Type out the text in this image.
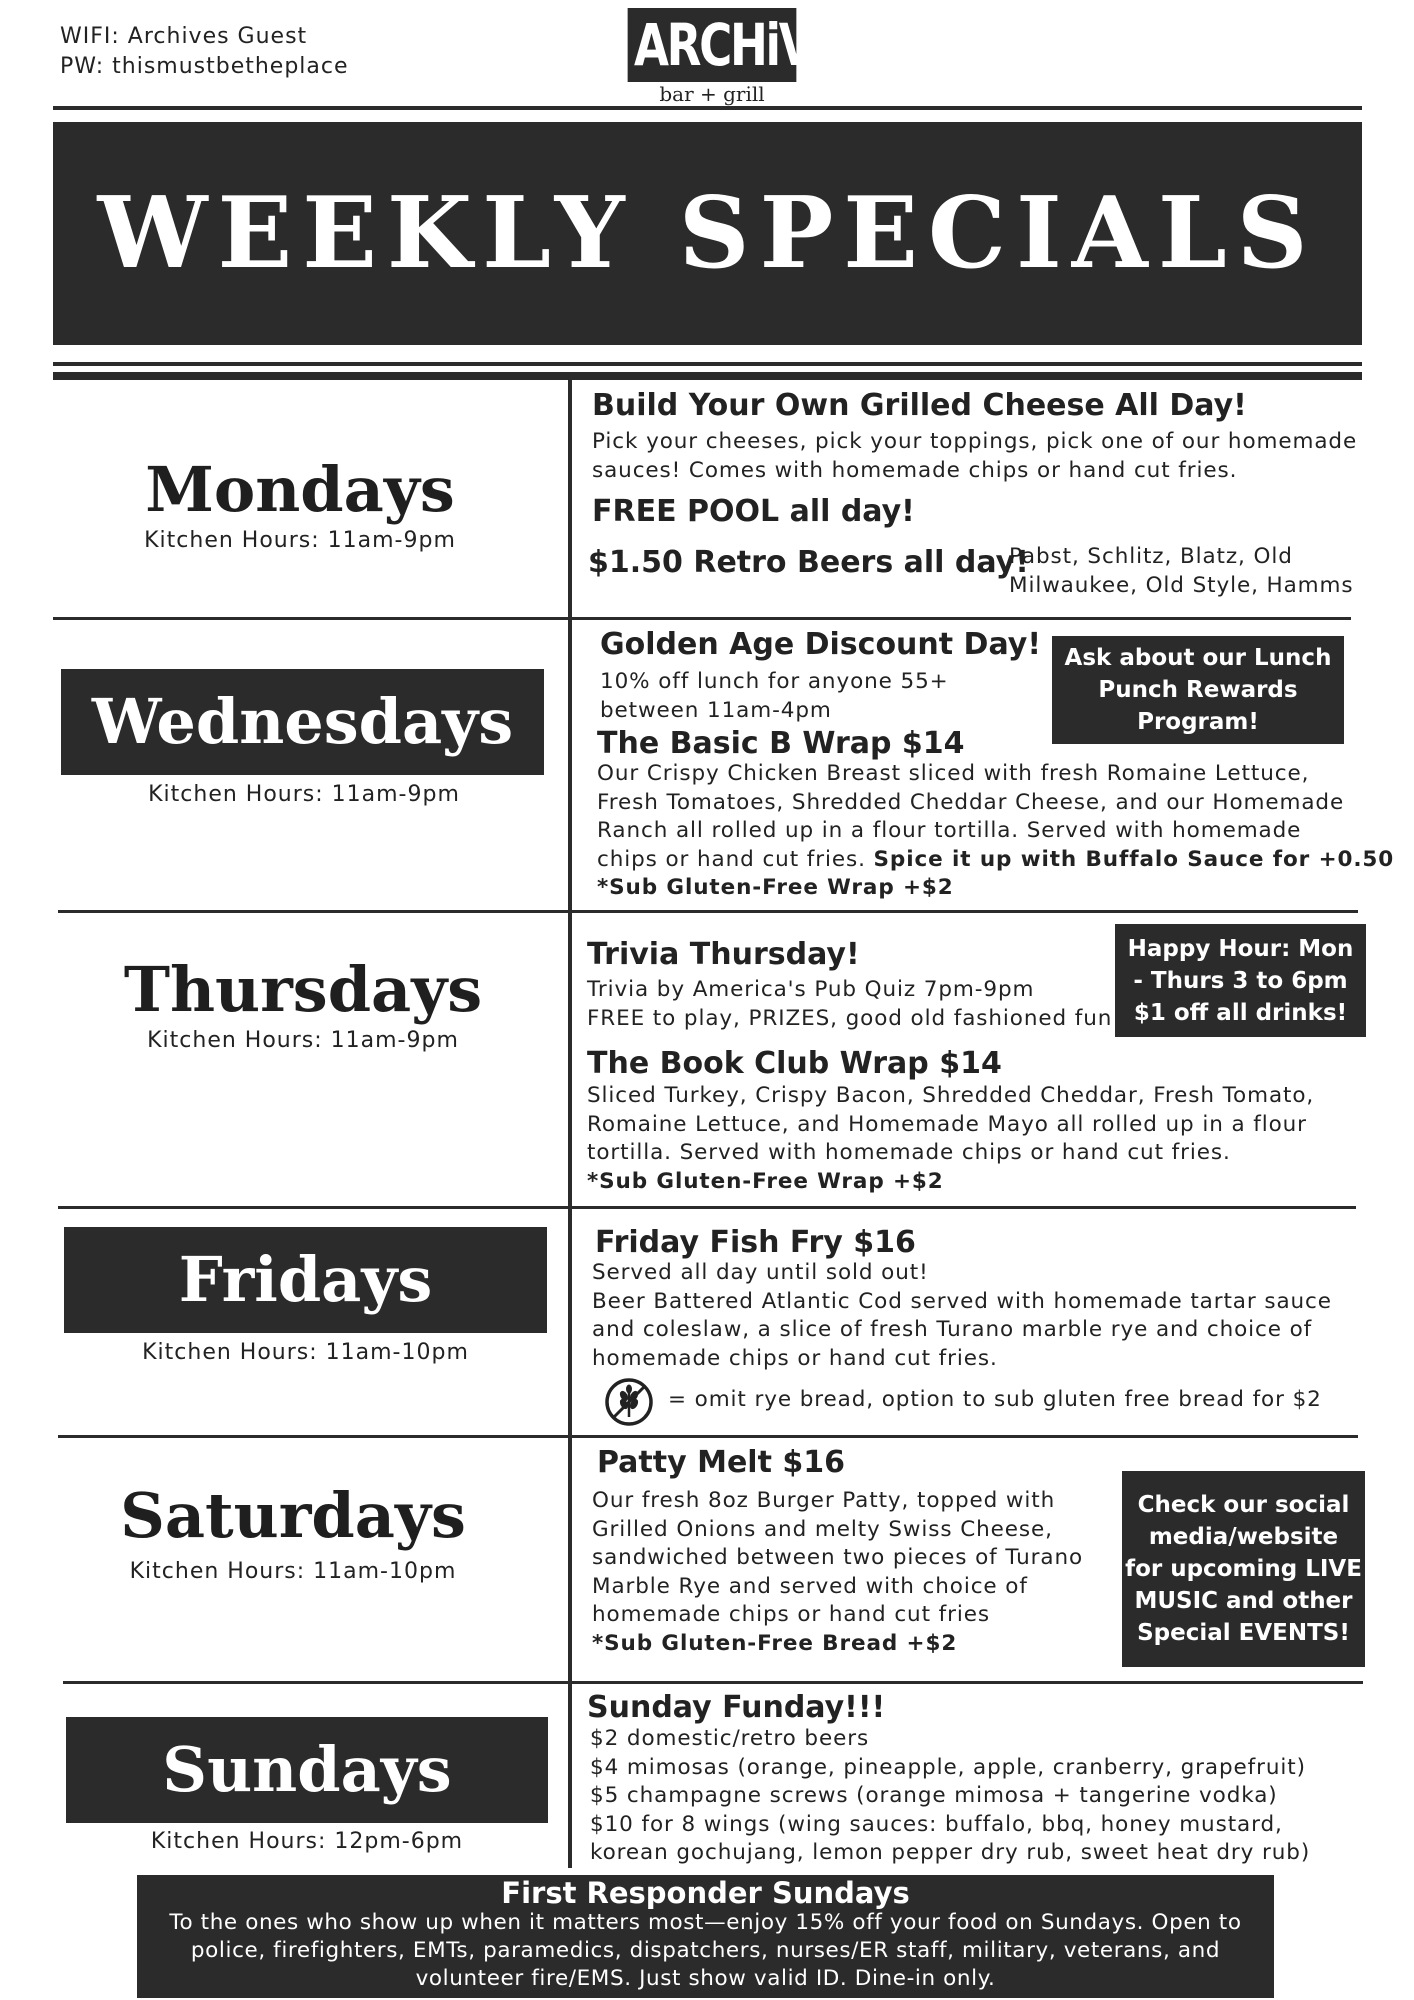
WIFI: Archives Guest
PW: thismustbetheplace	ARCHiVES
bar + grill
WEEKLY SPECIALS
Mondays
Kitchen Hours: 11am-9pm
Build Your Own Grilled Cheese All Day!
Pick your cheeses, pick your toppings, pick one of our homemade
sauces! Comes with homemade chips or hand cut fries.
FREE POOL all day!
$1.50 Retro Beers all day!
Pabst, Schlitz, Blatz, Old
Milwaukee, Old Style, Hamms
Wednesdays
Kitchen Hours: 11am-9pm
Golden Age Discount Day!
10% off lunch for anyone 55+
between 11am-4pm
Ask about our Lunch
Punch Rewards
Program!
The Basic B Wrap $14
Our Crispy Chicken Breast sliced with fresh Romaine Lettuce,
Fresh Tomatoes, Shredded Cheddar Cheese, and our Homemade
Ranch all rolled up in a flour tortilla. Served with homemade
chips or hand cut fries. Spice it up with Buffalo Sauce for +0.50
*Sub Gluten-Free Wrap +$2
Thursdays
Kitchen Hours: 11am-9pm
Trivia Thursday!
Trivia by America's Pub Quiz 7pm-9pm
FREE to play, PRIZES, good old fashioned fun
Happy Hour: Mon
- Thurs 3 to 6pm
$1 off all drinks!
The Book Club Wrap $14
Sliced Turkey, Crispy Bacon, Shredded Cheddar, Fresh Tomato,
Romaine Lettuce, and Homemade Mayo all rolled up in a flour
tortilla. Served with homemade chips or hand cut fries.
*Sub Gluten-Free Wrap +$2
Fridays
Kitchen Hours: 11am-10pm
Friday Fish Fry $16
Served all day until sold out!
Beer Battered Atlantic Cod served with homemade tartar sauce
and coleslaw, a slice of fresh Turano marble rye and choice of
homemade chips or hand cut fries.
= omit rye bread, option to sub gluten free bread for $2
Saturdays
Kitchen Hours: 11am-10pm
Patty Melt $16
Our fresh 8oz Burger Patty, topped with
Grilled Onions and melty Swiss Cheese,
sandwiched between two pieces of Turano
Marble Rye and served with choice of
homemade chips or hand cut fries
*Sub Gluten-Free Bread +$2
Check our social
media/website
for upcoming LIVE
MUSIC and other
Special EVENTS!
Sundays
Kitchen Hours: 12pm-6pm
Sunday Funday!!!
$2 domestic/retro beers
$4 mimosas (orange, pineapple, apple, cranberry, grapefruit)
$5 champagne screws (orange mimosa + tangerine vodka)
$10 for 8 wings (wing sauces: buffalo, bbq, honey mustard,
korean gochujang, lemon pepper dry rub, sweet heat dry rub)
First Responder Sundays
To the ones who show up when it matters most—enjoy 15% off your food on Sundays. Open to
police, firefighters, EMTs, paramedics, dispatchers, nurses/ER staff, military, veterans, and
volunteer fire/EMS. Just show valid ID. Dine-in only.
